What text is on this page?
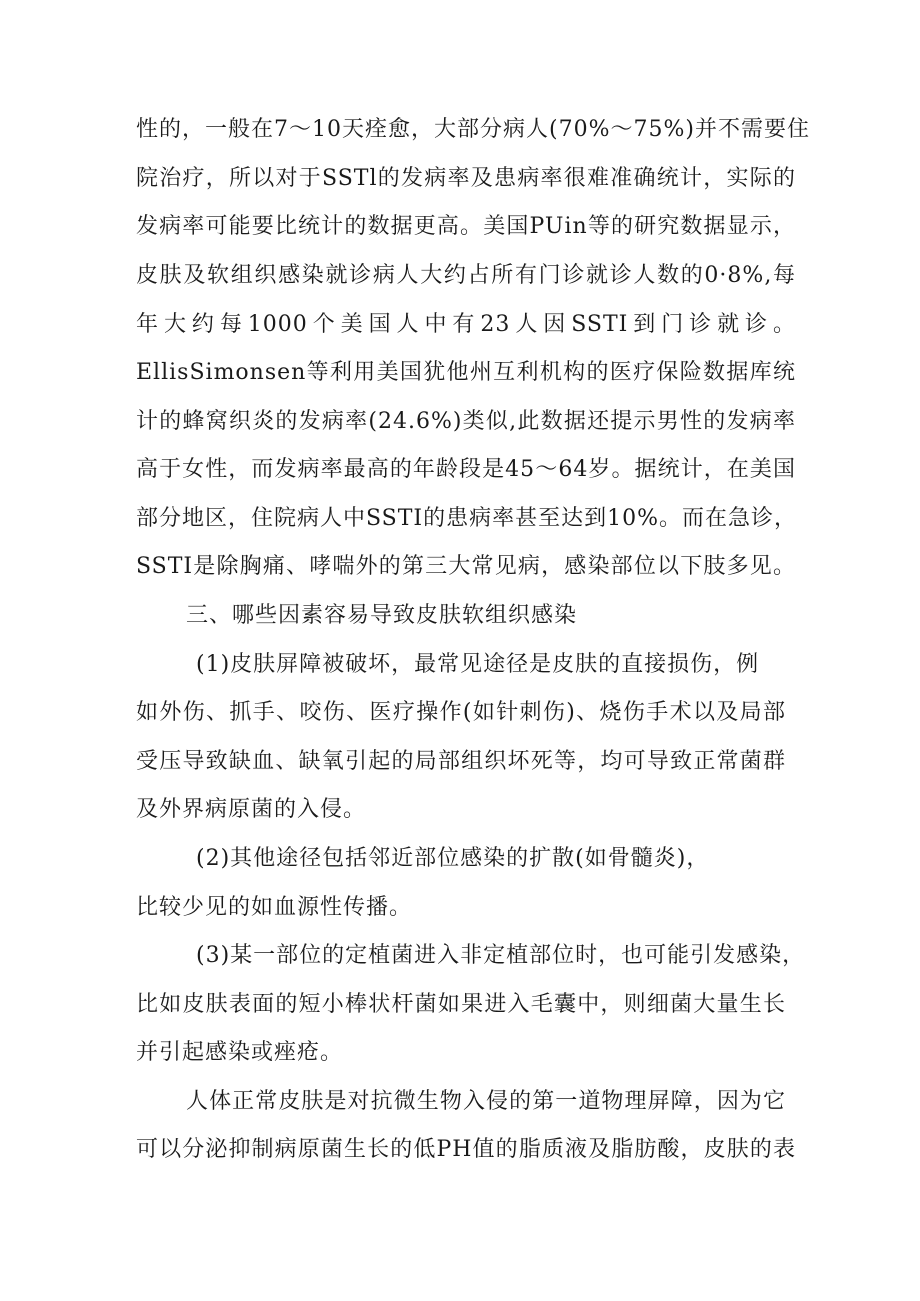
性的，一般在7～10天痊愈，大部分病人(70%～75%)并不需要住

院治疗，所以对于SSTl的发病率及患病率很难准确统计，实际的

发病率可能要比统计的数据更高。美国PUin等的研究数据显示，

皮肤及软组织感染就诊病人大约占所有门诊就诊人数的0·8%,每

年大约每1000个美国人中有23人因SSTI到门诊就诊。

EllisSimonsen等利用美国犹他州互利机构的医疗保险数据库统

计的蜂窝织炎的发病率(24.6%)类似,此数据还提示男性的发病率

高于女性，而发病率最高的年龄段是45～64岁。据统计，在美国

部分地区，住院病人中SSTI的患病率甚至达到10%。而在急诊，

SSTI是除胸痛、哮喘外的第三大常见病，感染部位以下肢多见。

三、哪些因素容易导致皮肤软组织感染

(1)皮肤屏障被破坏，最常见途径是皮肤的直接损伤，例

如外伤、抓手、咬伤、医疗操作(如针刺伤)、烧伤手术以及局部

受压导致缺血、缺氧引起的局部组织坏死等，均可导致正常菌群

及外界病原菌的入侵。

(2)其他途径包括邻近部位感染的扩散(如骨髓炎)，

比较少见的如血源性传播。

(3)某一部位的定植菌进入非定植部位时，也可能引发感染，

比如皮肤表面的短小棒状杆菌如果进入毛囊中，则细菌大量生长

并引起感染或痤疮。

人体正常皮肤是对抗微生物入侵的第一道物理屏障，因为它

可以分泌抑制病原菌生长的低PH值的脂质液及脂肪酸，皮肤的表
